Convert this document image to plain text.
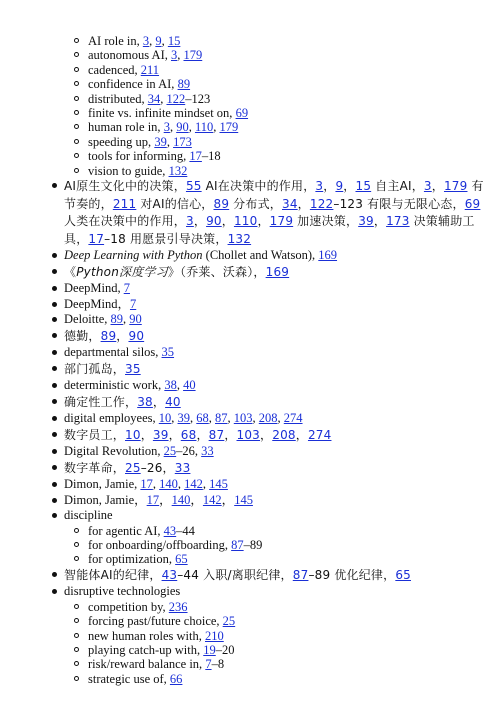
AI role in, 3, 9, 15
autonomous AI, 3, 179
cadenced, 211
confidence in AI, 89
distributed, 34, 122–123
finite vs. infinite mindset on, 69
human role in, 3, 90, 110, 179
speeding up, 39, 173
tools for informing, 17–18
vision to guide, 132
AI原生文化中的决策，55 AI在决策中的作用，3，9，15 自主AI，3，179 有节奏的，211 对AI的信心，89 分布式，34，122–123 有限与无限心态，69 人类在决策中的作用，3，90，110，179 加速决策，39，173 决策辅助工具，17–18 用愿景引导决策，132
Deep Learning with Python (Chollet and Watson), 169
《Python深度学习》（乔莱、沃森），169
DeepMind, 7
DeepMind，7
Deloitte, 89, 90
德勤，89，90
departmental silos, 35
部门孤岛，35
deterministic work, 38, 40
确定性工作，38，40
digital employees, 10, 39, 68, 87, 103, 208, 274
数字员工，10，39，68，87，103，208，274
Digital Revolution, 25–26, 33
数字革命，25–26，33
Dimon, Jamie, 17, 140, 142, 145
Dimon, Jamie，17，140，142，145
discipline
for agentic AI, 43–44
for onboarding/offboarding, 87–89
for optimization, 65
智能体AI的纪律，43–44 入职/离职纪律，87–89 优化纪律，65
disruptive technologies
competition by, 236
forcing past/future choice, 25
new human roles with, 210
playing catch-up with, 19–20
risk/reward balance in, 7–8
strategic use of, 66
